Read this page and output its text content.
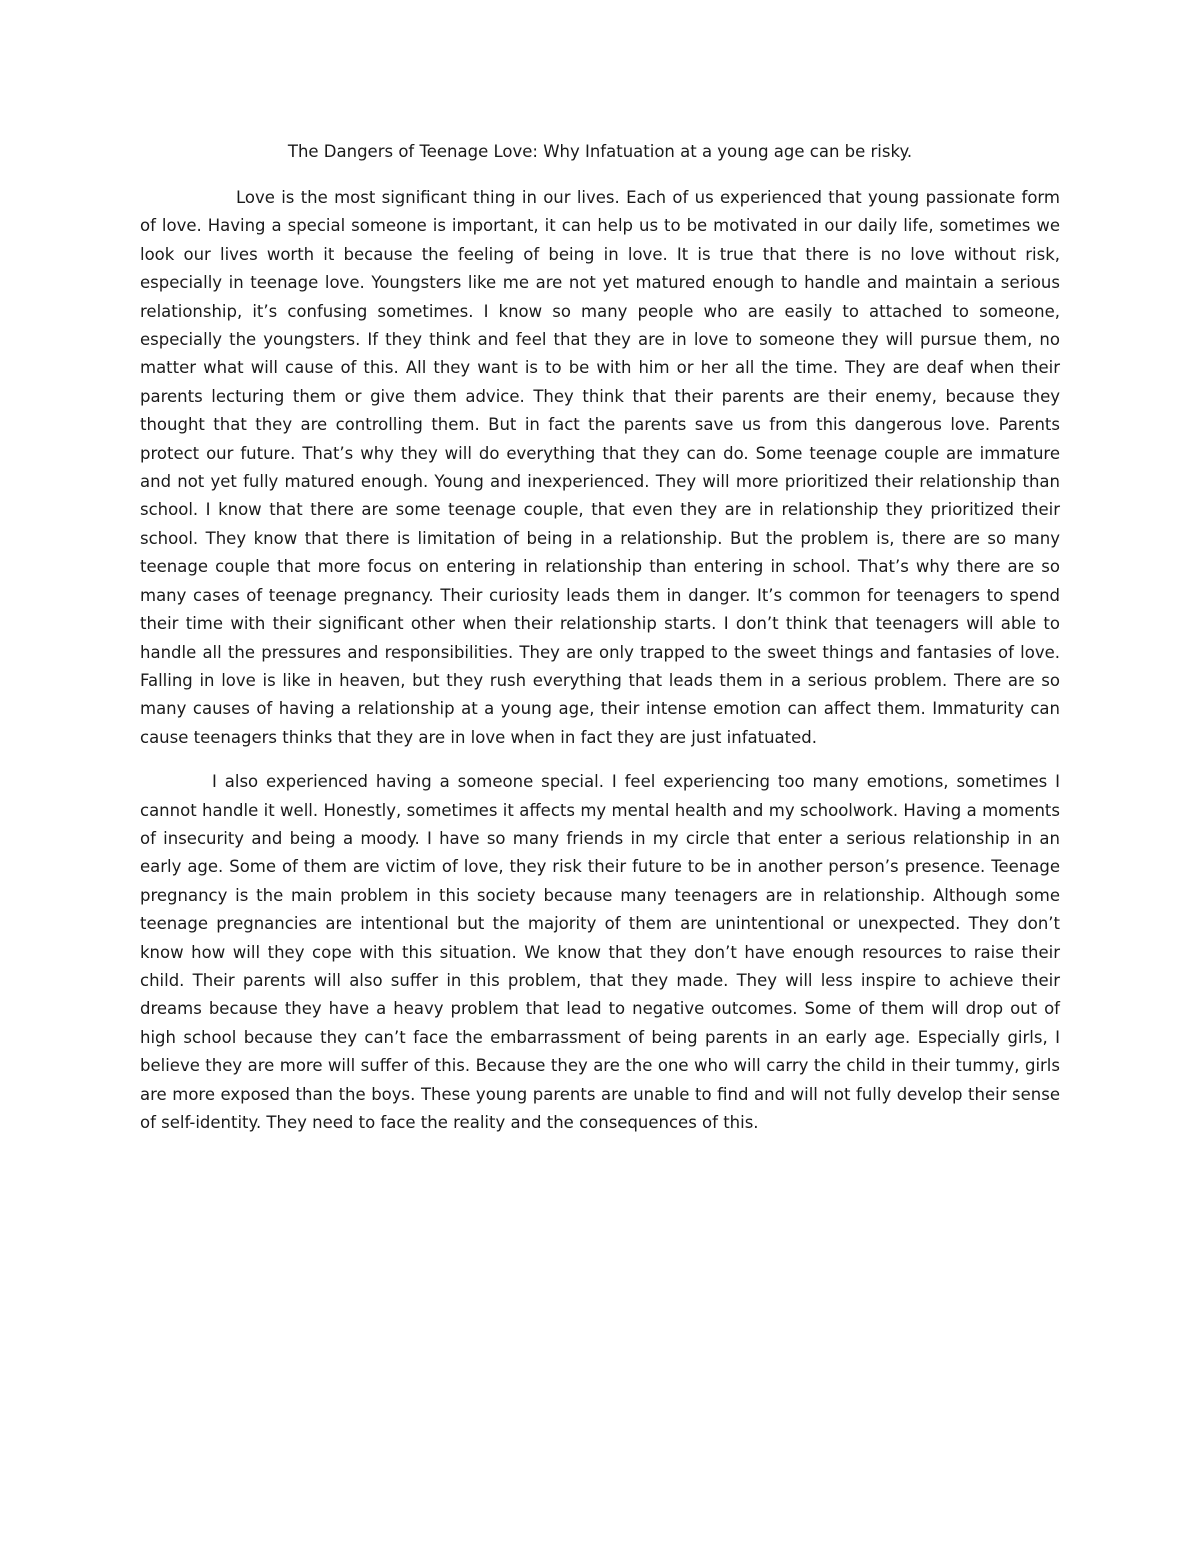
The Dangers of Teenage Love: Why Infatuation at a young age can be risky.

Love is the most significant thing in our lives. Each of us experienced that young passionate form of love. Having a special someone is important, it can help us to be motivated in our daily life, sometimes we look our lives worth it because the feeling of being in love. It is true that there is no love without risk, especially in teenage love. Youngsters like me are not yet matured enough to handle and maintain a serious relationship, it’s confusing sometimes. I know so many people who are easily to attached to someone, especially the youngsters. If they think and feel that they are in love to someone they will pursue them, no matter what will cause of this. All they want is to be with him or her all the time. They are deaf when their parents lecturing them or give them advice. They think that their parents are their enemy, because they thought that they are controlling them. But in fact the parents save us from this dangerous love. Parents protect our future. That’s why they will do everything that they can do. Some teenage couple are immature and not yet fully matured enough. Young and inexperienced. They will more prioritized their relationship than school. I know that there are some teenage couple, that even they are in relationship they prioritized their school. They know that there is limitation of being in a relationship. But the problem is, there are so many teenage couple that more focus on entering in relationship than entering in school. That’s why there are so many cases of teenage pregnancy. Their curiosity leads them in danger. It’s common for teenagers to spend their time with their significant other when their relationship starts. I don’t think that teenagers will able to handle all the pressures and responsibilities. They are only trapped to the sweet things and fantasies of love. Falling in love is like in heaven, but they rush everything that leads them in a serious problem. There are so many causes of having a relationship at a young age, their intense emotion can affect them. Immaturity can cause teenagers thinks that they are in love when in fact they are just infatuated.

I also experienced having a someone special. I feel experiencing too many emotions, sometimes I cannot handle it well. Honestly, sometimes it affects my mental health and my schoolwork. Having a moments of insecurity and being a moody. I have so many friends in my circle that enter a serious relationship in an early age. Some of them are victim of love, they risk their future to be in another person’s presence. Teenage pregnancy is the main problem in this society because many teenagers are in relationship. Although some teenage pregnancies are intentional but the majority of them are unintentional or unexpected. They don’t know how will they cope with this situation. We know that they don’t have enough resources to raise their child. Their parents will also suffer in this problem, that they made. They will less inspire to achieve their dreams because they have a heavy problem that lead to negative outcomes. Some of them will drop out of high school because they can’t face the embarrassment of being parents in an early age. Especially girls, I believe they are more will suffer of this. Because they are the one who will carry the child in their tummy, girls are more exposed than the boys. These young parents are unable to find and will not fully develop their sense of self-identity. They need to face the reality and the consequences of this.
